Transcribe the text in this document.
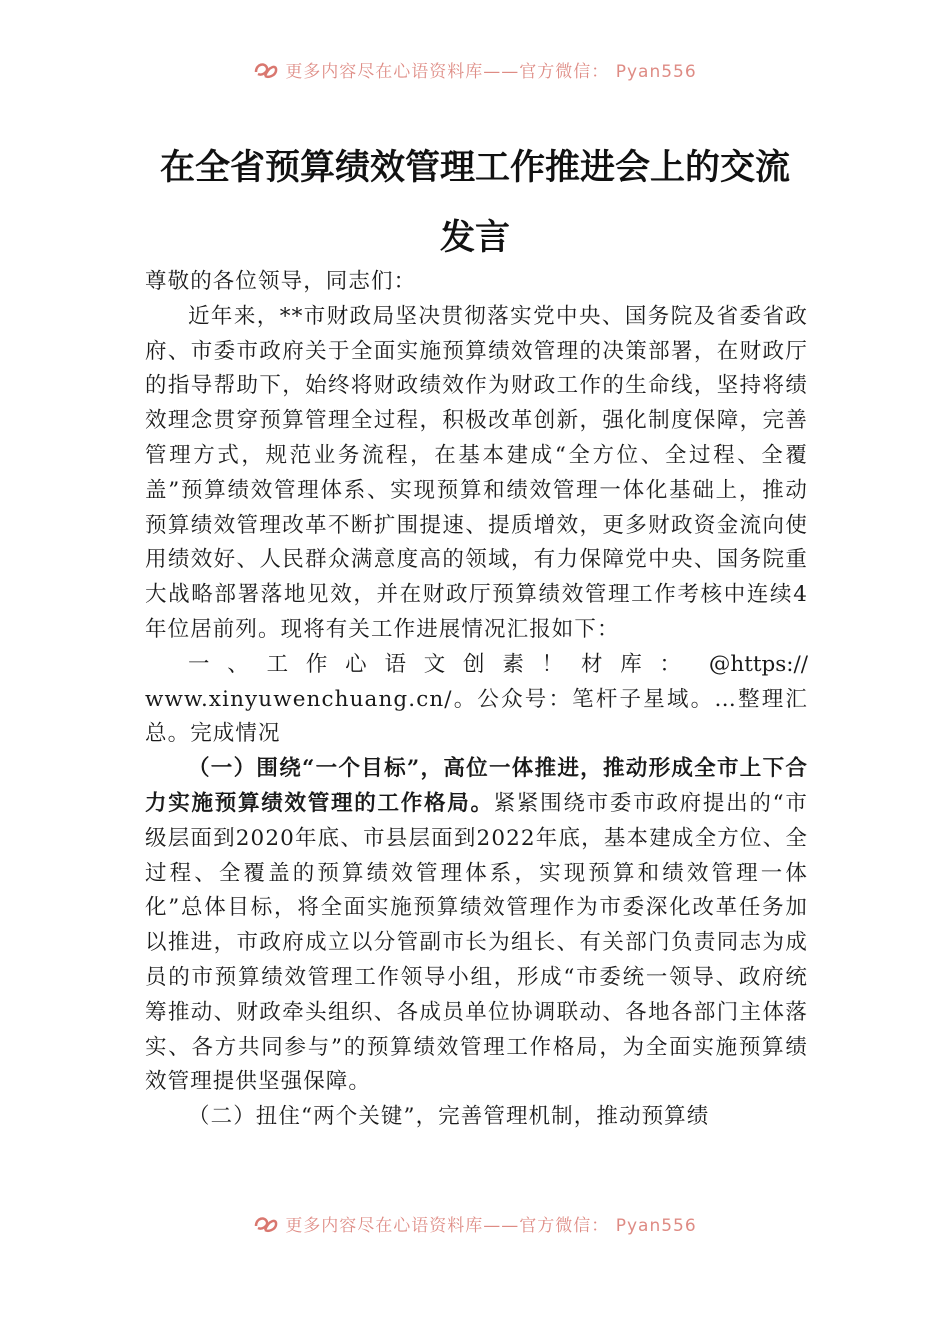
更多内容尽在心语资料库——官方微信： Pyan556
在全省预算绩效管理工作推进会上的交流
发言

尊敬的各位领导，同志们：

近年来，**市财政局坚决贯彻落实党中央、国务院及省委省政府、市委市政府关于全面实施预算绩效管理的决策部署，在财政厅的指导帮助下，始终将财政绩效作为财政工作的生命线，坚持将绩效理念贯穿预算管理全过程，积极改革创新，强化制度保障，完善管理方式，规范业务流程，在基本建成“全方位、全过程、全覆盖”预算绩效管理体系、实现预算和绩效管理一体化基础上，推动预算绩效管理改革不断扩围提速、提质增效，更多财政资金流向使用绩效好、人民群众满意度高的领域，有力保障党中央、国务院重大战略部署落地见效，并在财政厅预算绩效管理工作考核中连续4年位居前列。现将有关工作进展情况汇报如下：

一、工作心语文创素！材库： @https://

www.xinyuwenchuang.cn/。公众号：笔杆子星域。…整理汇总。完成情况

（一）围绕“一个目标”，高位一体推进，推动形成全市上下合力实施预算绩效管理的工作格局。紧紧围绕市委市政府提出的“市级层面到2020年底、市县层面到2022年底，基本建成全方位、全过程、全覆盖的预算绩效管理体系，实现预算和绩效管理一体化”总体目标，将全面实施预算绩效管理作为市委深化改革任务加以推进，市政府成立以分管副市长为组长、有关部门负责同志为成员的市预算绩效管理工作领导小组，形成“市委统一领导、政府统筹推动、财政牵头组织、各成员单位协调联动、各地各部门主体落实、各方共同参与”的预算绩效管理工作格局，为全面实施预算绩效管理提供坚强保障。

（二）扭住“两个关键”，完善管理机制，推动预算绩

更多内容尽在心语资料库——官方微信： Pyan556
